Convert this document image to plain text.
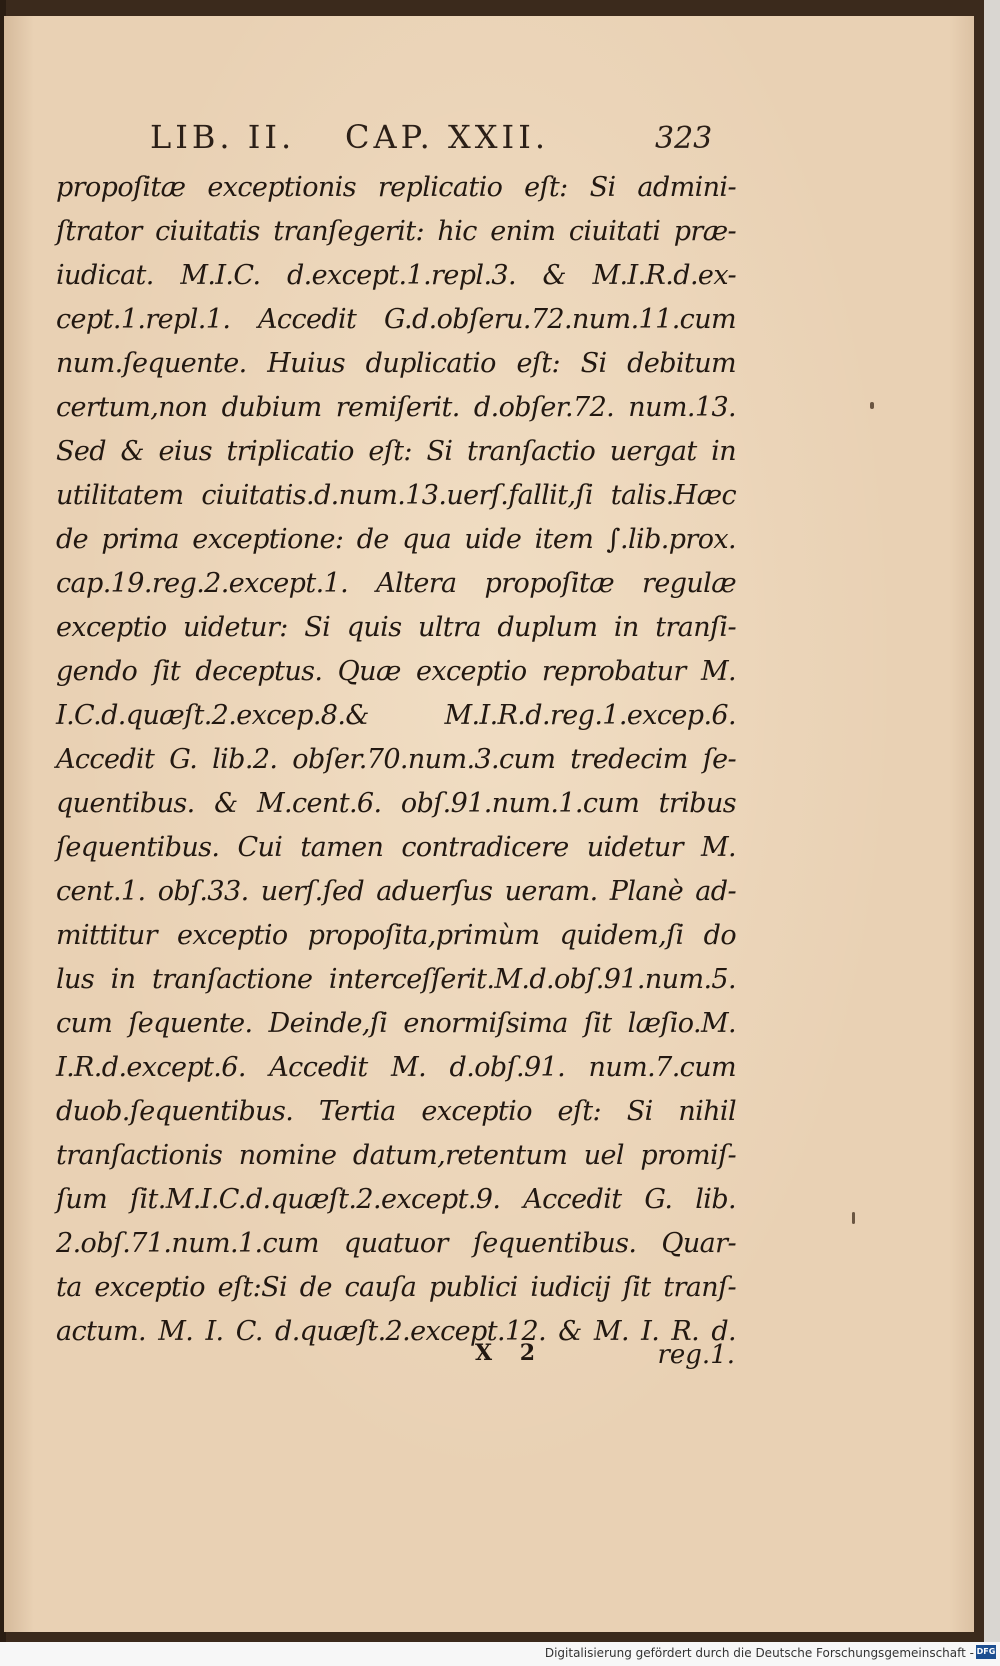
LIB. II.	CAP. XXII.	323
propoſitæ exceptionis replicatio eſt: Si admini-
ſtrator ciuitatis tranſegerit: hic enim ciuitati præ-
iudicat. M.I.C. d.except.1.repl.3. & M.I.R.d.ex-
cept.1.repl.1. Accedit G.d.obſeru.72.num.11.cum
num.ſequente. Huius duplicatio eſt: Si debitum
certum,non dubium remiſerit. d.obſer.72. num.13.
Sed & eius triplicatio eſt: Si tranſactio uergat in
utilitatem ciuitatis.d.num.13.uerſ.fallit,ſi talis.Hæc
de prima exceptione: de qua uide item ∫.lib.prox.
cap.19.reg.2.except.1. Altera propoſitæ regulæ
exceptio uidetur: Si quis ultra duplum in tranſi-
gendo ſit deceptus. Quæ exceptio reprobatur M.
I.C.d.quæſt.2.excep.8.& M.I.R.d.reg.1.excep.6.
Accedit G. lib.2. obſer.70.num.3.cum tredecim ſe-
quentibus. & M.cent.6. obſ.91.num.1.cum tribus
ſequentibus. Cui tamen contradicere uidetur M.
cent.1. obſ.33. uerſ.ſed aduerſus ueram. Planè ad-
mittitur exceptio propoſita,primùm quidem,ſi do
lus in tranſactione interceſſerit.M.d.obſ.91.num.5.
cum ſequente. Deinde,ſi enormiſsima ſit læſio.M.
I.R.d.except.6. Accedit M. d.obſ.91. num.7.cum
duob.ſequentibus. Tertia exceptio eſt: Si nihil
tranſactionis nomine datum,retentum uel promiſ-
ſum ſit.M.I.C.d.quæſt.2.except.9. Accedit G. lib.
2.obſ.71.num.1.cum quatuor ſequentibus. Quar-
ta exceptio eſt:Si de cauſa publici iudicij ſit tranſ-
actum. M. I. C. d.quæſt.2.except.12. & M. I. R. d.
X 2	reg.1.
Digitalisierung gefördert durch die Deutsche Forschungsgemeinschaft - DFG
